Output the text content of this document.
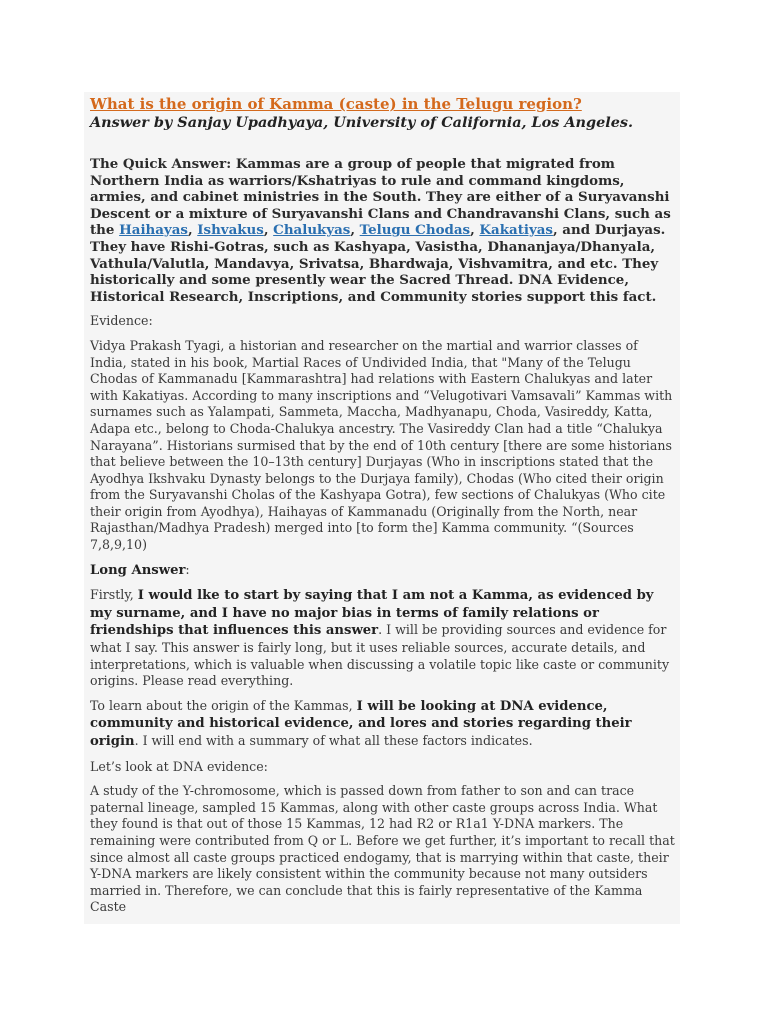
What is the origin of Kamma (caste) in the Telugu region?

Answer by Sanjay Upadhyaya, University of California, Los Angeles.

The Quick Answer: Kammas are a group of people that migrated from Northern India as warriors/Kshatriyas to rule and command kingdoms, armies, and cabinet ministries in the South. They are either of a Suryavanshi Descent or a mixture of Suryavanshi Clans and Chandravanshi Clans, such as the Haihayas, Ishvakus, Chalukyas, Telugu Chodas, Kakatiyas, and Durjayas. They have Rishi-Gotras, such as Kashyapa, Vasistha, Dhananjaya/Dhanyala, Vathula/Valutla, Mandavya, Srivatsa, Bhardwaja, Vishvamitra, and etc. They historically and some presently wear the Sacred Thread. DNA Evidence, Historical Research, Inscriptions, and Community stories support this fact.

Evidence:

Vidya Prakash Tyagi, a historian and researcher on the martial and warrior classes of India, stated in his book, Martial Races of Undivided India, that "Many of the Telugu Chodas of Kammanadu [Kammarashtra] had relations with Eastern Chalukyas and later with Kakatiyas. According to many inscriptions and “Velugotivari Vamsavali” Kammas with surnames such as Yalampati, Sammeta, Maccha, Madhyanapu, Choda, Vasireddy, Katta, Adapa etc., belong to Choda-Chalukya ancestry. The Vasireddy Clan had a title “Chalukya Narayana”. Historians surmised that by the end of 10th century [there are some historians that believe between the 10–13th century] Durjayas (Who in inscriptions stated that the Ayodhya Ikshvaku Dynasty belongs to the Durjaya family), Chodas (Who cited their origin from the Suryavanshi Cholas of the Kashyapa Gotra), few sections of Chalukyas (Who cite their origin from Ayodhya), Haihayas of Kammanadu (Originally from the North, near Rajasthan/Madhya Pradesh) merged into [to form the] Kamma community. “(Sources 7,8,9,10)

Long Answer:

Firstly, I would lke to start by saying that I am not a Kamma, as evidenced by my surname, and I have no major bias in terms of family relations or friendships that influences this answer. I will be providing sources and evidence for what I say. This answer is fairly long, but it uses reliable sources, accurate details, and interpretations, which is valuable when discussing a volatile topic like caste or community origins. Please read everything.

To learn about the origin of the Kammas, I will be looking at DNA evidence, community and historical evidence, and lores and stories regarding their origin. I will end with a summary of what all these factors indicates.

Let’s look at DNA evidence:

A study of the Y-chromosome, which is passed down from father to son and can trace paternal lineage, sampled 15 Kammas, along with other caste groups across India. What they found is that out of those 15 Kammas, 12 had R2 or R1a1 Y-DNA markers. The remaining were contributed from Q or L. Before we get further, it’s important to recall that since almost all caste groups practiced endogamy, that is marrying within that caste, their Y-DNA markers are likely consistent within the community because not many outsiders married in. Therefore, we can conclude that this is fairly representative of the Kamma Caste
